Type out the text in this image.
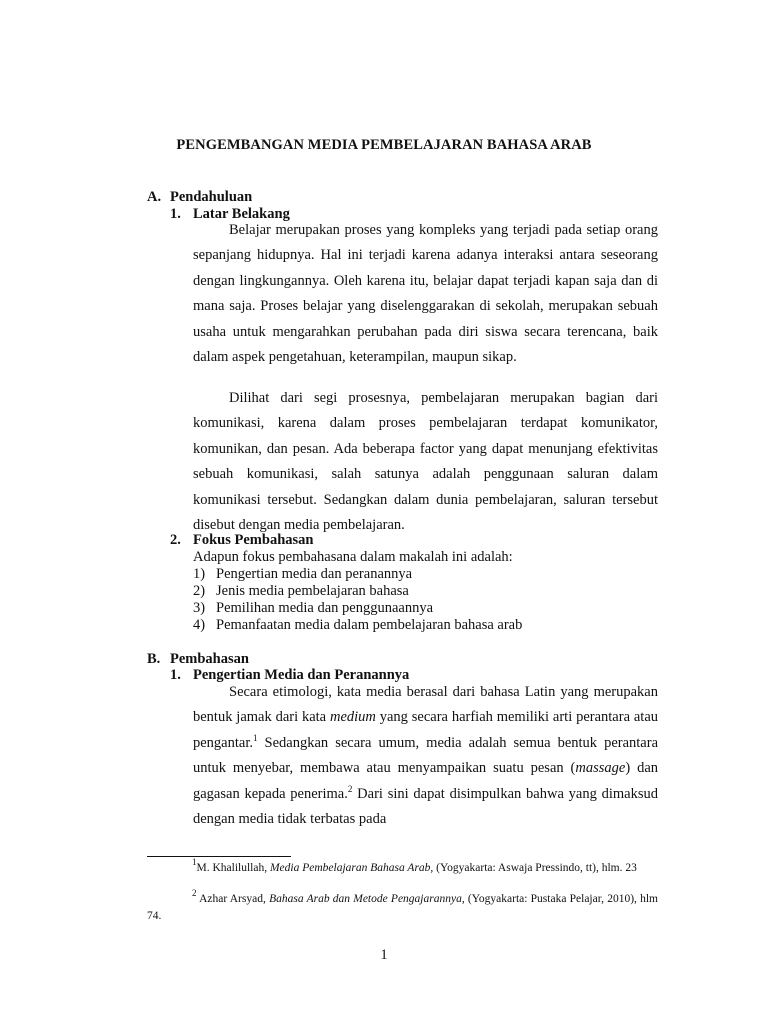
PENGEMBANGAN MEDIA PEMBELAJARAN BAHASA ARAB
A. Pendahuluan
1. Latar Belakang
Belajar merupakan proses yang kompleks yang terjadi pada setiap orang sepanjang hidupnya. Hal ini terjadi karena adanya interaksi antara seseorang dengan lingkungannya. Oleh karena itu, belajar dapat terjadi kapan saja dan di mana saja. Proses belajar yang diselenggarakan di sekolah, merupakan sebuah usaha untuk mengarahkan perubahan pada diri siswa secara terencana, baik dalam aspek pengetahuan, keterampilan, maupun sikap.
Dilihat dari segi prosesnya, pembelajaran merupakan bagian dari komunikasi, karena dalam proses pembelajaran terdapat komunikator, komunikan, dan pesan. Ada beberapa factor yang dapat menunjang efektivitas sebuah komunikasi, salah satunya adalah penggunaan saluran dalam komunikasi tersebut. Sedangkan dalam dunia pembelajaran, saluran tersebut disebut dengan media pembelajaran.
2. Fokus Pembahasan
Adapun fokus pembahasana dalam makalah ini adalah:
1) Pengertian media dan peranannya
2) Jenis media pembelajaran bahasa
3) Pemilihan media dan penggunaannya
4) Pemanfaatan media dalam pembelajaran bahasa arab
B. Pembahasan
1. Pengertian Media dan Peranannya
Secara etimologi, kata media berasal dari bahasa Latin yang merupakan bentuk jamak dari kata medium yang secara harfiah memiliki arti perantara atau pengantar.$^1$ Sedangkan secara umum, media adalah semua bentuk perantara untuk menyebar, membawa atau menyampaikan suatu pesan (massage) dan gagasan kepada penerima.$^2$ Dari sini dapat disimpulkan bahwa yang dimaksud dengan media tidak terbatas pada
$^1$M. Khalilullah, Media Pembelajaran Bahasa Arab, (Yogyakarta: Aswaja Pressindo, tt), hlm. 23
$^2$ Azhar Arsyad, Bahasa Arab dan Metode Pengajarannya, (Yogyakarta: Pustaka Pelajar, 2010), hlm 74.
1
